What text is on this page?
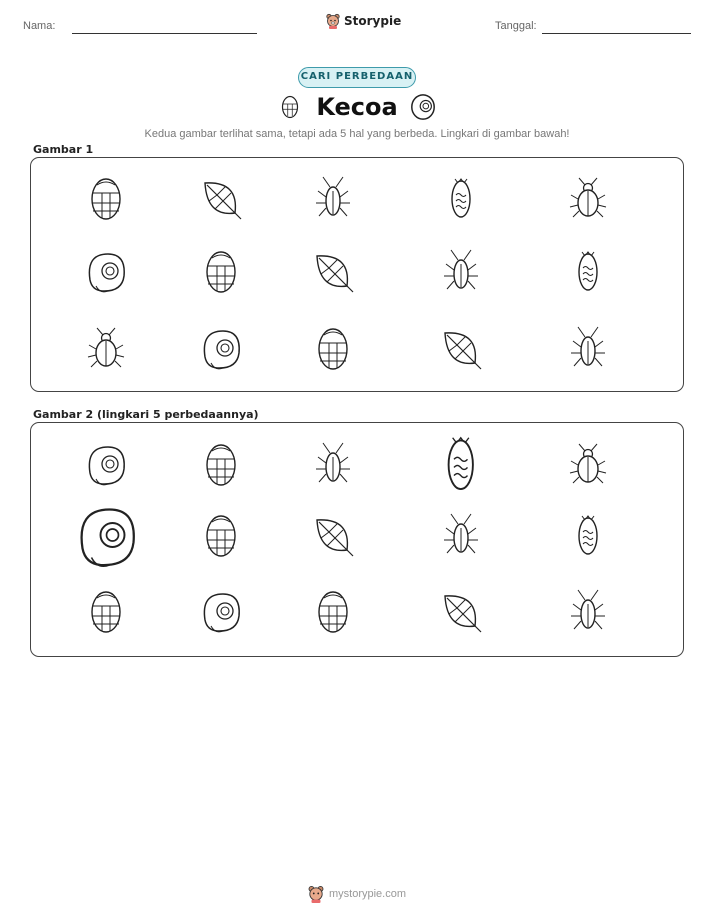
Nama:	Storypie	Tanggal:
CARI PERBEDAAN
Kecoa
Kedua gambar terlihat sama, tetapi ada 5 hal yang berbeda. Lingkari di gambar bawah!
Gambar 1
Gambar 2 (lingkari 5 perbedaannya)
mystorypie.com
